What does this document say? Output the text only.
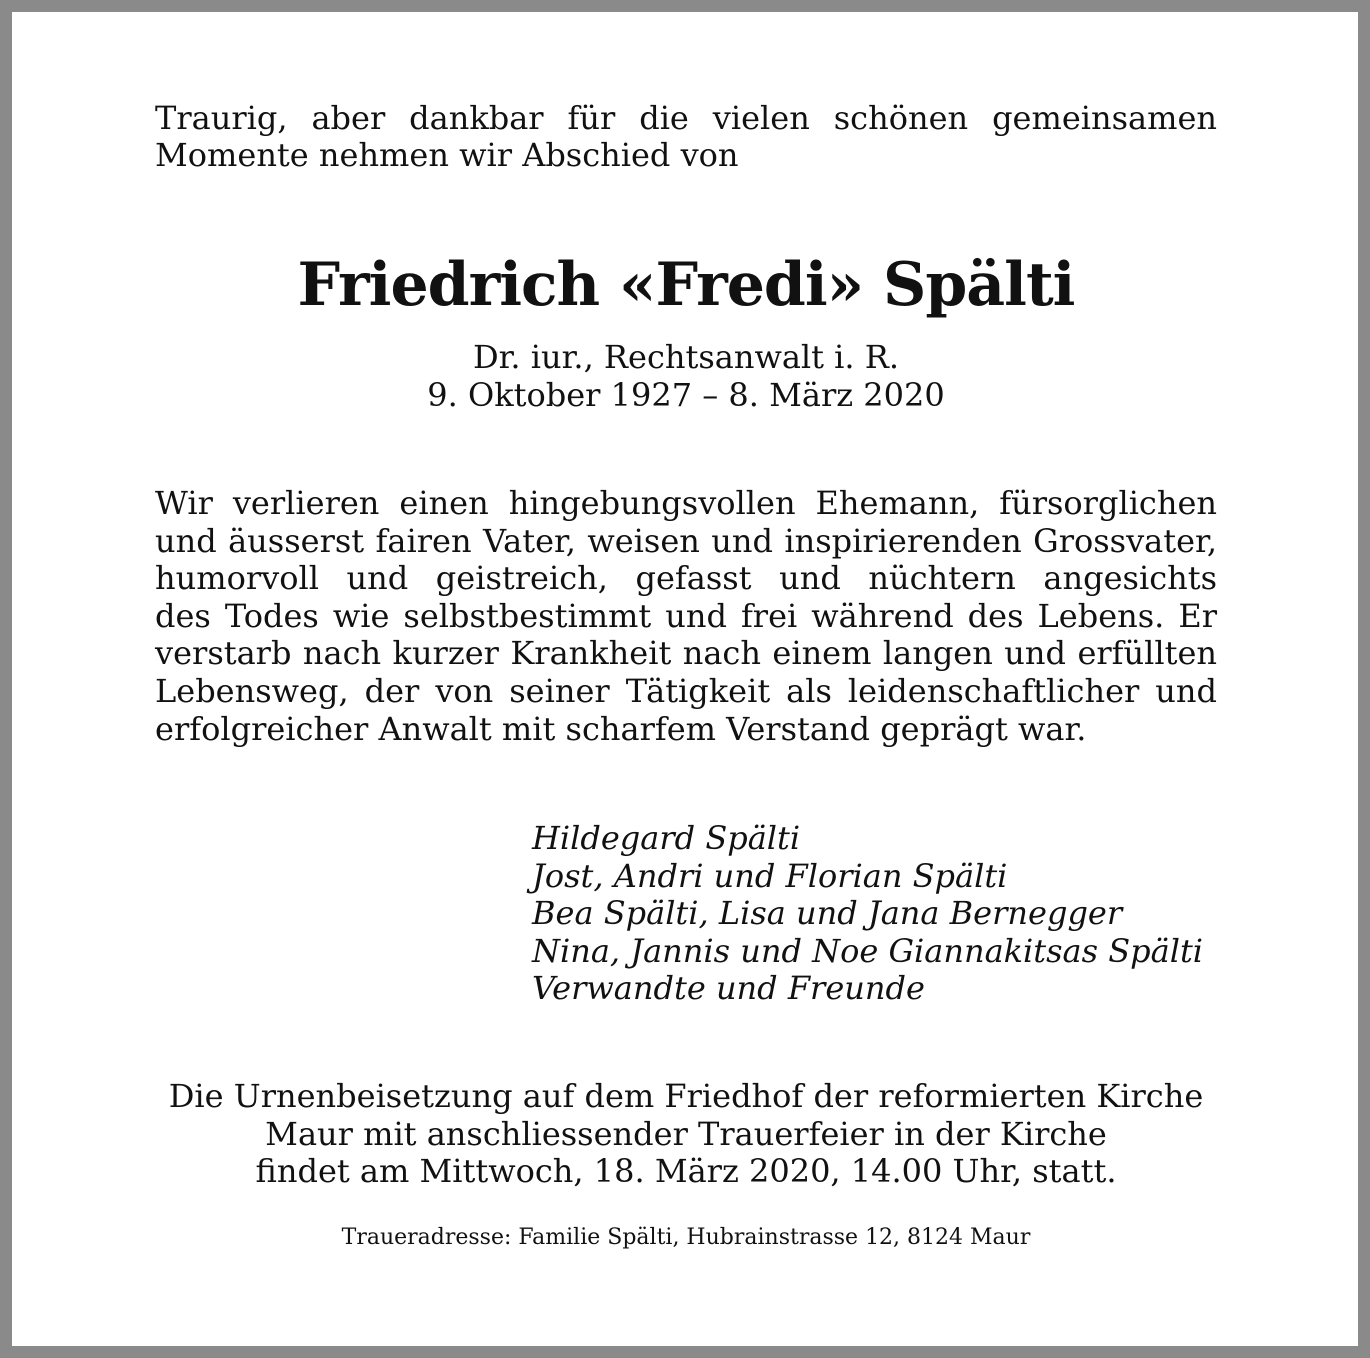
Traurig, aber dankbar für die vielen schönen gemeinsamen
Momente nehmen wir Abschied von

Friedrich «Fredi» Spälti
Dr. iur., Rechtsanwalt i. R.
9. Oktober 1927 – 8. März 2020
Wir verlieren einen hingebungsvollen Ehemann, fürsorglichen
und äusserst fairen Vater, weisen und inspirierenden Grossvater,
humorvoll und geistreich, gefasst und nüchtern angesichts
des Todes wie selbstbestimmt und frei während des Lebens. Er
verstarb nach kurzer Krankheit nach einem langen und erfüllten
Lebensweg, der von seiner Tätigkeit als leidenschaftlicher und
erfolgreicher Anwalt mit scharfem Verstand geprägt war.
Hildegard Spälti
Jost, Andri und Florian Spälti
Bea Spälti, Lisa und Jana Bernegger
Nina, Jannis und Noe Giannakitsas Spälti
Verwandte und Freunde
Die Urnenbeisetzung auf dem Friedhof der reformierten Kirche
Maur mit anschliessender Trauerfeier in der Kirche
findet am Mittwoch, 18. März 2020, 14.00 Uhr, statt.
Traueradresse: Familie Spälti, Hubrainstrasse 12, 8124 Maur
